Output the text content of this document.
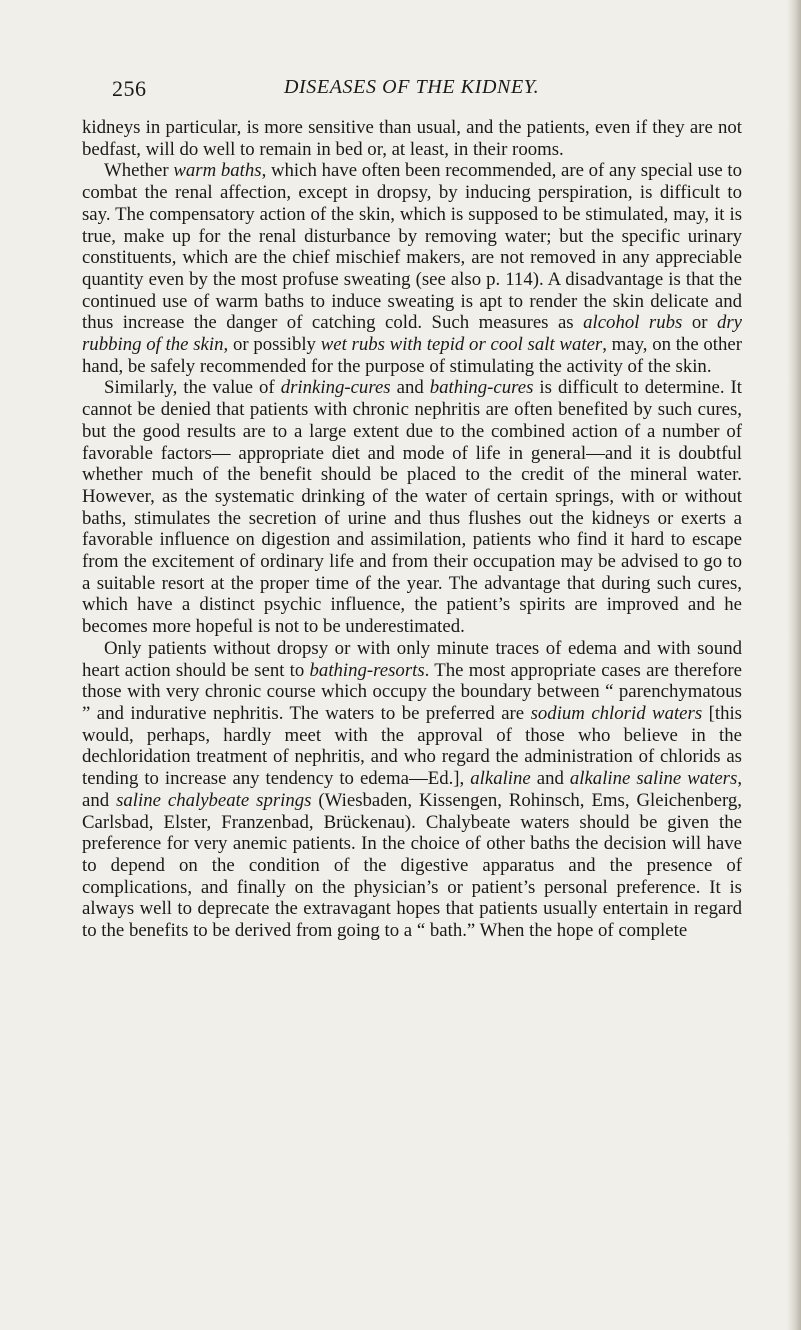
256	DISEASES OF THE KIDNEY.

kidneys in particular, is more sensitive than usual, and the patients, even if they are not bedfast, will do well to remain in bed or, at least, in their rooms.

Whether warm baths, which have often been recommended, are of any special use to combat the renal affection, except in dropsy, by inducing perspiration, is difficult to say. The compensatory action of the skin, which is supposed to be stimulated, may, it is true, make up for the renal disturbance by removing water; but the specific urinary constituents, which are the chief mischief makers, are not removed in any appreciable quantity even by the most profuse sweating (see also p. 114). A disadvantage is that the continued use of warm baths to induce sweating is apt to render the skin delicate and thus increase the danger of catching cold. Such measures as alcohol rubs or dry rubbing of the skin, or possibly wet rubs with tepid or cool salt water, may, on the other hand, be safely recommended for the purpose of stimulating the activity of the skin.

Similarly, the value of drinking-cures and bathing-cures is difficult to determine. It cannot be denied that patients with chronic nephritis are often benefited by such cures, but the good results are to a large extent due to the combined action of a number of favorable factors— appropriate diet and mode of life in general—and it is doubtful whether much of the benefit should be placed to the credit of the mineral water. However, as the systematic drinking of the water of certain springs, with or without baths, stimulates the secretion of urine and thus flushes out the kidneys or exerts a favorable influence on digestion and assimilation, patients who find it hard to escape from the excitement of ordinary life and from their occupation may be advised to go to a suitable resort at the proper time of the year. The advantage that during such cures, which have a distinct psychic influence, the patient’s spirits are improved and he becomes more hopeful is not to be underestimated.

Only patients without dropsy or with only minute traces of edema and with sound heart action should be sent to bathing-resorts. The most appropriate cases are therefore those with very chronic course which occupy the boundary between “ parenchymatous ” and indurative nephritis. The waters to be preferred are sodium chlorid waters [this would, perhaps, hardly meet with the approval of those who believe in the dechloridation treatment of nephritis, and who regard the administration of chlorids as tending to increase any tendency to edema—Ed.], alkaline and alkaline saline waters, and saline chalybeate springs (Wiesbaden, Kissengen, Rohinsch, Ems, Gleichenberg, Carlsbad, Elster, Franzenbad, Brückenau). Chalybeate waters should be given the preference for very anemic patients. In the choice of other baths the decision will have to depend on the condition of the digestive apparatus and the presence of complications, and finally on the physician’s or patient’s personal preference. It is always well to deprecate the extravagant hopes that patients usually entertain in regard to the benefits to be derived from going to a “ bath.” When the hope of complete
